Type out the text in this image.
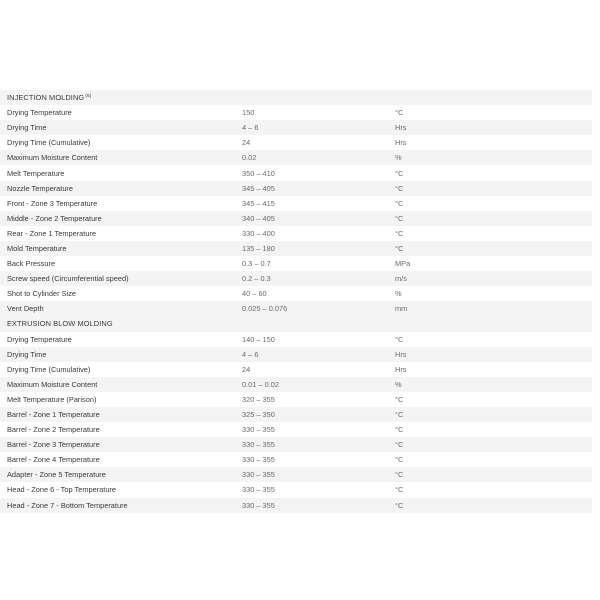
INJECTION MOLDING$^{(6)}$
Drying Temperature	150	°C
Drying Time	4 – 6	Hrs
Drying Time (Cumulative)	24	Hrs
Maximum Moisture Content	0.02	%
Melt Temperature	350 – 410	°C
Nozzle Temperature	345 – 405	°C
Front - Zone 3 Temperature	345 – 415	°C
Middle - Zone 2 Temperature	340 – 405	°C
Rear - Zone 1 Temperature	330 – 400	°C
Mold Temperature	135 – 180	°C
Back Pressure	0.3 – 0.7	MPa
Screw speed (Circumferential speed)	0.2 – 0.3	m/s
Shot to Cylinder Size	40 – 60	%
Vent Depth	0.025 – 0.076	mm
EXTRUSION BLOW MOLDING
Drying Temperature	140 – 150	°C
Drying Time	4 – 6	Hrs
Drying Time (Cumulative)	24	Hrs
Maximum Moisture Content	0.01 – 0.02	%
Melt Temperature (Parison)	320 – 355	°C
Barrel - Zone 1 Temperature	325 – 350	°C
Barrel - Zone 2 Temperature	330 – 355	°C
Barrel - Zone 3 Temperature	330 – 355	°C
Barrel - Zone 4 Temperature	330 – 355	°C
Adapter - Zone 5 Temperature	330 – 355	°C
Head - Zone 6 - Top Temperature	330 – 355	°C
Head - Zone 7 - Bottom Temperature	330 – 355	°C
